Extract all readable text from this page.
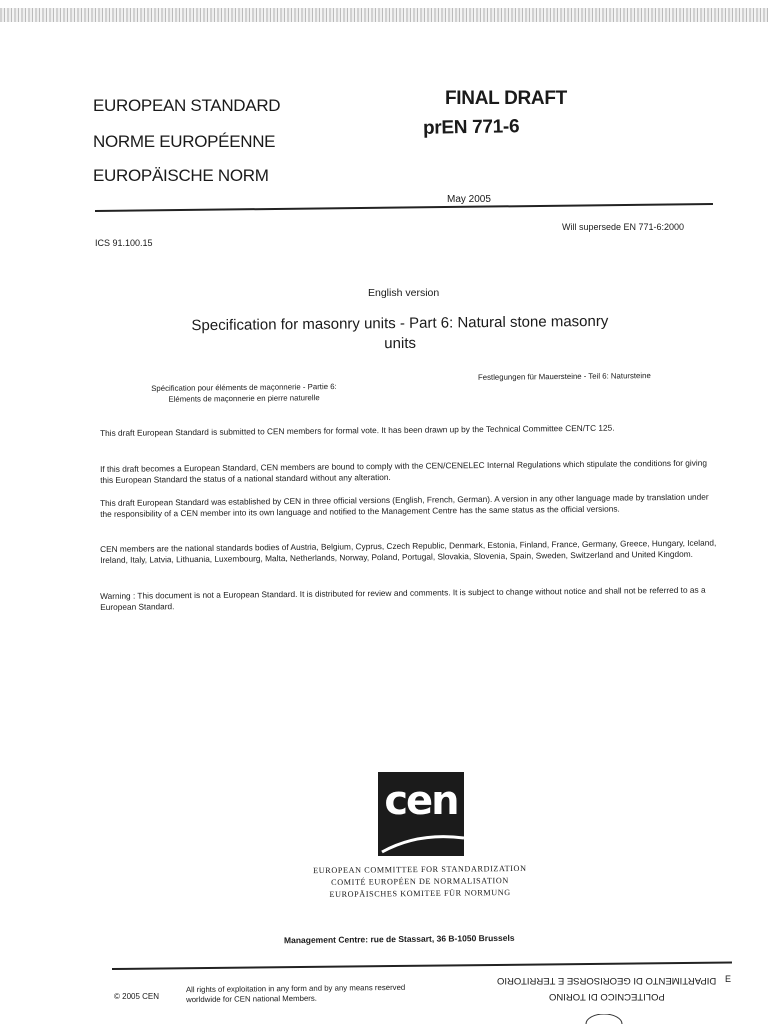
EUROPEAN STANDARD
NORME EUROPÉENNE
EUROPÄISCHE NORM
FINAL DRAFT
prEN 771-6
May 2005
ICS 91.100.15
Will supersede EN 771-6:2000
English version
Specification for masonry units - Part 6: Natural stone masonry
units
Spécification pour éléments de maçonnerie - Partie 6:
Eléments de maçonnerie en pierre naturelle
Festlegungen für Mauersteine - Teil 6: Natursteine
This draft European Standard is submitted to CEN members for formal vote. It has been drawn up by the Technical Committee CEN/TC 125.
If this draft becomes a European Standard, CEN members are bound to comply with the CEN/CENELEC Internal Regulations which stipulate the conditions for giving this European Standard the status of a national standard without any alteration.
This draft European Standard was established by CEN in three official versions (English, French, German). A version in any other language made by translation under the responsibility of a CEN member into its own language and notified to the Management Centre has the same status as the official versions.
CEN members are the national standards bodies of Austria, Belgium, Cyprus, Czech Republic, Denmark, Estonia, Finland, France, Germany, Greece, Hungary, Iceland, Ireland, Italy, Latvia, Lithuania, Luxembourg, Malta, Netherlands, Norway, Poland, Portugal, Slovakia, Slovenia, Spain, Sweden, Switzerland and United Kingdom.
Warning : This document is not a European Standard. It is distributed for review and comments. It is subject to change without notice and shall not be referred to as a European Standard.
cen
EUROPEAN COMMITTEE FOR STANDARDIZATION
COMITÉ EUROPÉEN DE NORMALISATION
EUROPÄISCHES KOMITEE FÜR NORMUNG
Management Centre: rue de Stassart, 36 B-1050 Brussels
© 2005 CEN
All rights of exploitation in any form and by any means reserved
worldwide for CEN national Members.
DIPARTIMENTO DI GEORISORSE E TERRITORIO
POLITECNICO DI TORINO
E
